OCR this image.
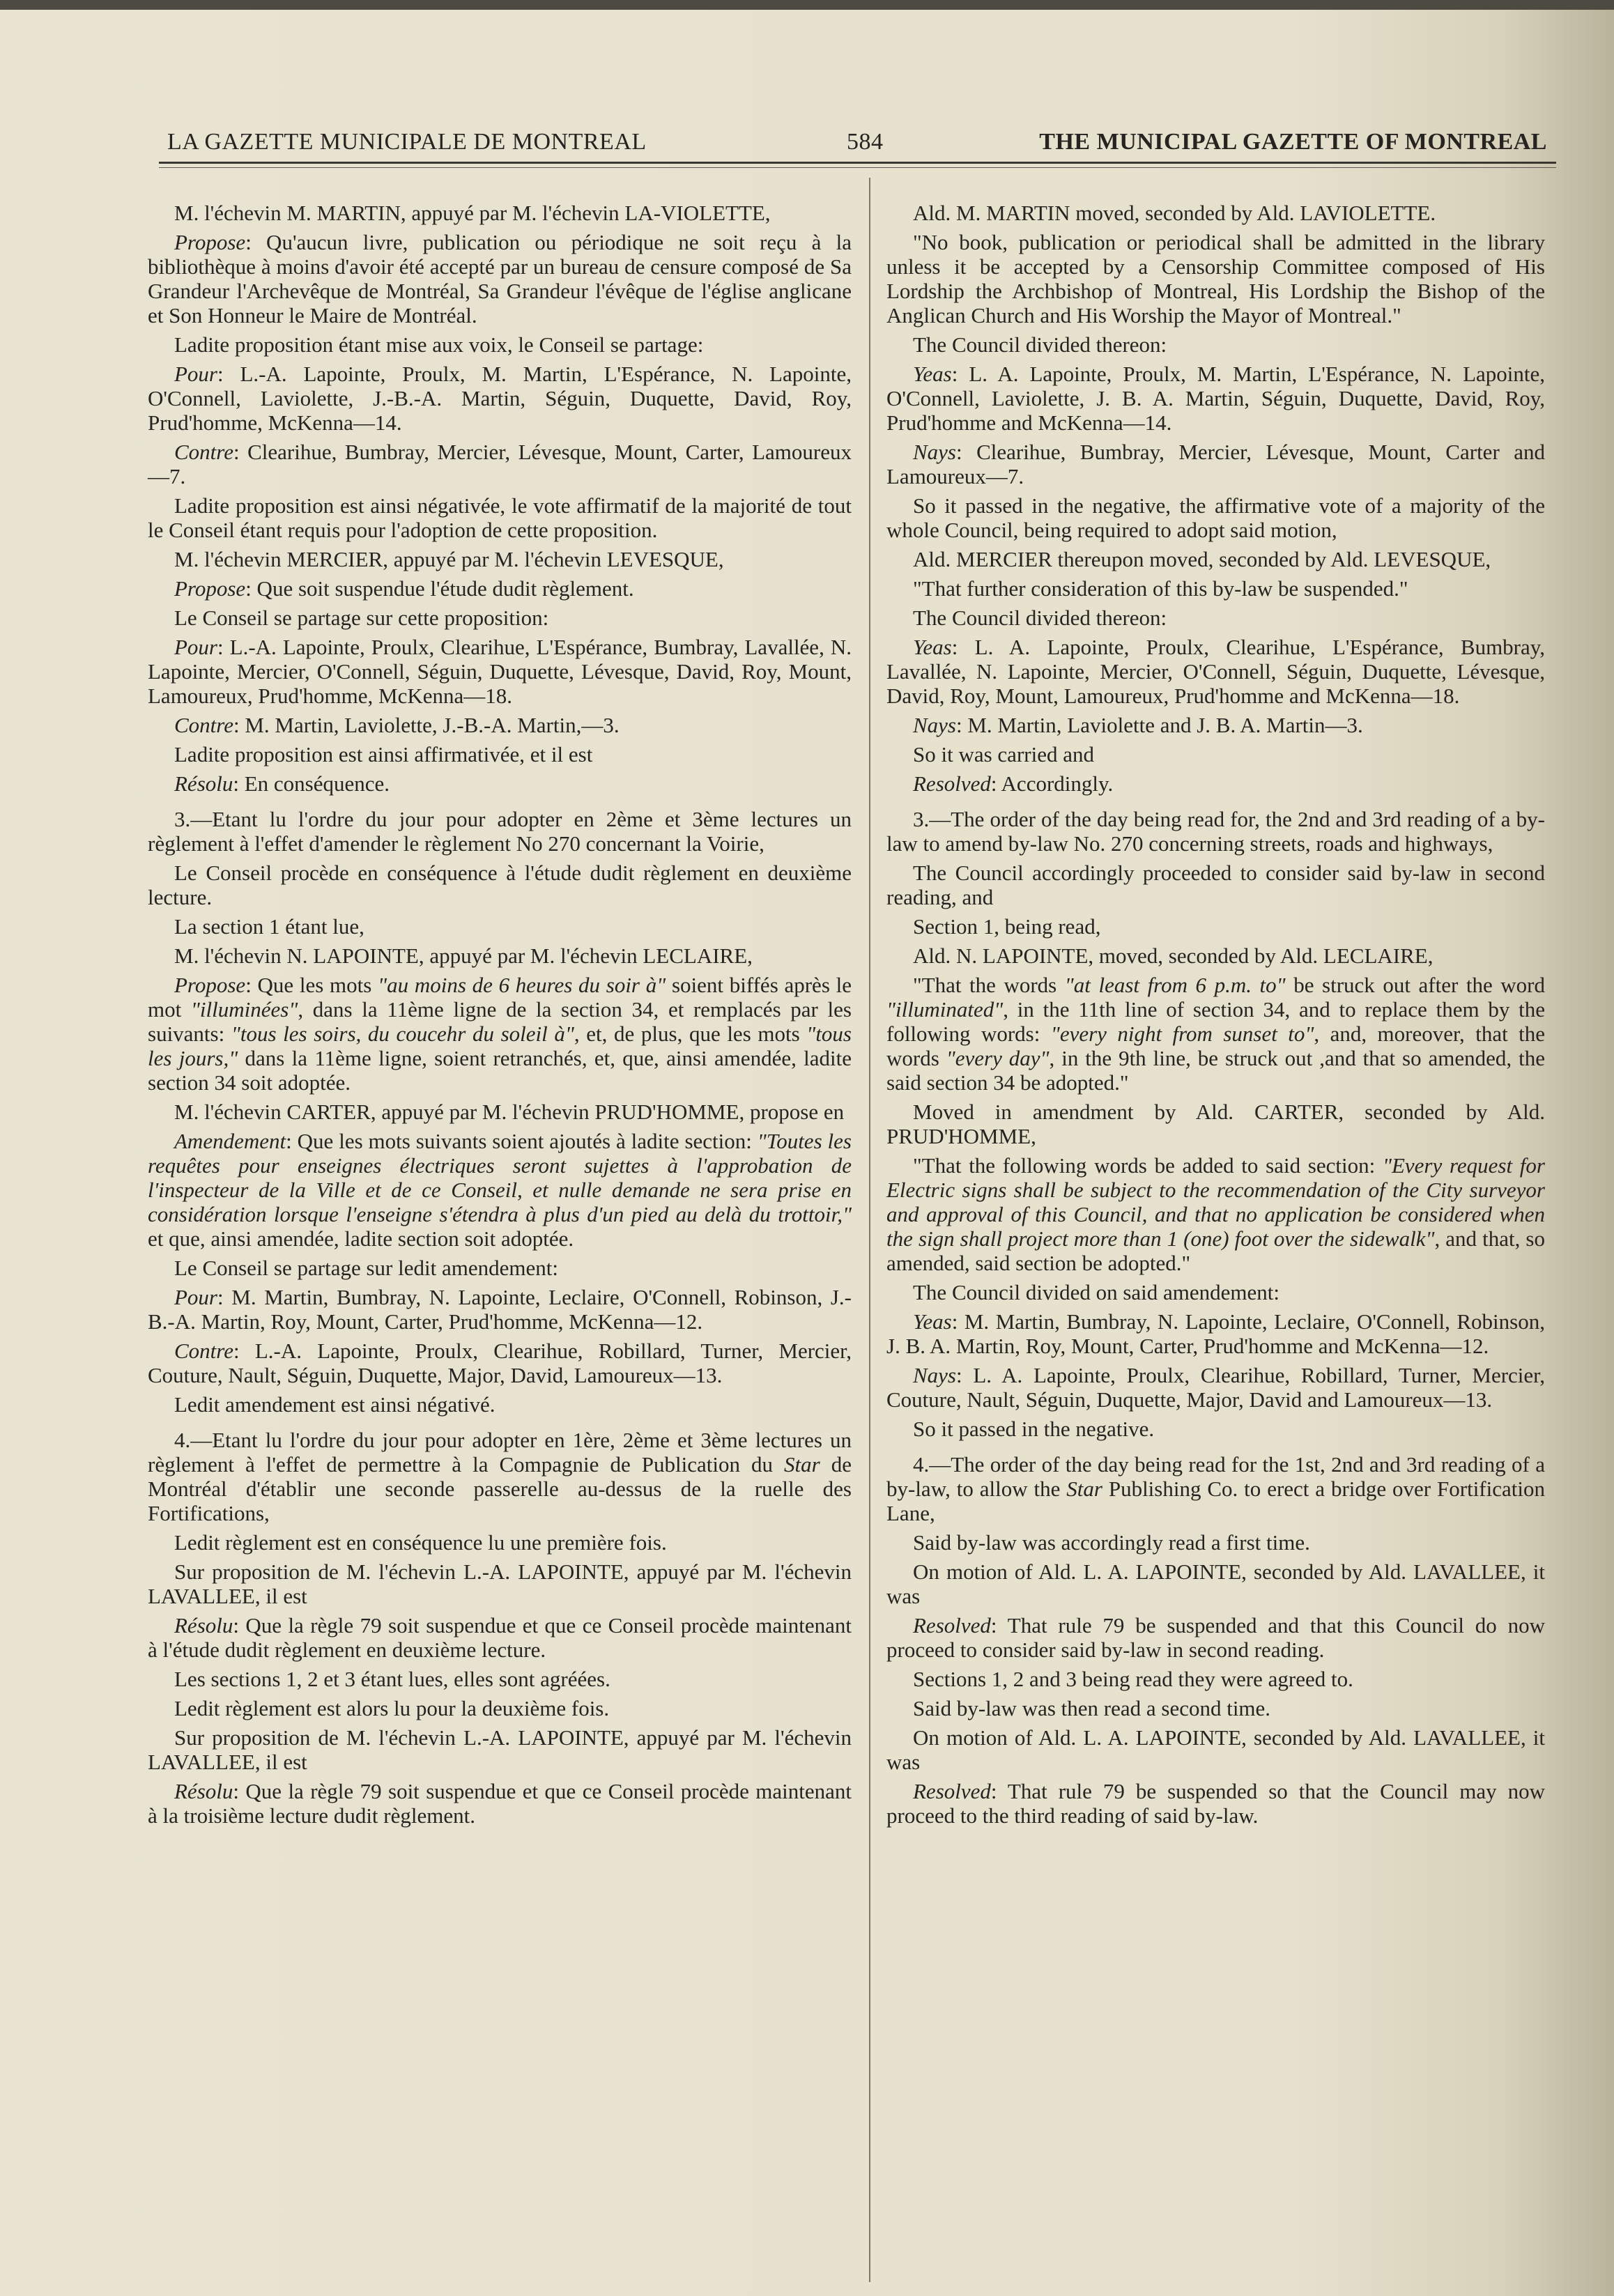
LA GAZETTE MUNICIPALE DE MONTREAL	584	THE MUNICIPAL GAZETTE OF MONTREAL

M. l'échevin M. MARTIN, appuyé par M. l'échevin LA-VIOLETTE,

Propose: Qu'aucun livre, publication ou périodique ne soit reçu à la bibliothèque à moins d'avoir été accepté par un bureau de censure composé de Sa Grandeur l'Archevêque de Montréal, Sa Grandeur l'évêque de l'église anglicane et Son Honneur le Maire de Montréal.

Ladite proposition étant mise aux voix, le Conseil se partage:

Pour: L.-A. Lapointe, Proulx, M. Martin, L'Espérance, N. Lapointe, O'Connell, Laviolette, J.-B.-A. Martin, Séguin, Duquette, David, Roy, Prud'homme, McKenna—14.

Contre: Clearihue, Bumbray, Mercier, Lévesque, Mount, Carter, Lamoureux—7.

Ladite proposition est ainsi négativée, le vote affirmatif de la majorité de tout le Conseil étant requis pour l'adoption de cette proposition.

M. l'échevin MERCIER, appuyé par M. l'échevin LEVESQUE,

Propose: Que soit suspendue l'étude dudit règlement.

Le Conseil se partage sur cette proposition:

Pour: L.-A. Lapointe, Proulx, Clearihue, L'Espérance, Bumbray, Lavallée, N. Lapointe, Mercier, O'Connell, Séguin, Duquette, Lévesque, David, Roy, Mount, Lamoureux, Prud'homme, McKenna—18.

Contre: M. Martin, Laviolette, J.-B.-A. Martin,—3.

Ladite proposition est ainsi affirmativée, et il est

Résolu: En conséquence.

3.—Etant lu l'ordre du jour pour adopter en 2ème et 3ème lectures un règlement à l'effet d'amender le règlement No 270 concernant la Voirie,

Le Conseil procède en conséquence à l'étude dudit règlement en deuxième lecture.

La section 1 étant lue,

M. l'échevin N. LAPOINTE, appuyé par M. l'échevin LECLAIRE,

Propose: Que les mots "au moins de 6 heures du soir à" soient biffés après le mot "illuminées", dans la 11ème ligne de la section 34, et remplacés par les suivants: "tous les soirs, du coucehr du soleil à", et, de plus, que les mots "tous les jours," dans la 11ème ligne, soient retranchés, et, que, ainsi amendée, ladite section 34 soit adoptée.

M. l'échevin CARTER, appuyé par M. l'échevin PRUD'HOMME, propose en

Amendement: Que les mots suivants soient ajoutés à ladite section: "Toutes les requêtes pour enseignes électriques seront sujettes à l'approbation de l'inspecteur de la Ville et de ce Conseil, et nulle demande ne sera prise en considération lorsque l'enseigne s'étendra à plus d'un pied au delà du trottoir," et que, ainsi amendée, ladite section soit adoptée.

Le Conseil se partage sur ledit amendement:

Pour: M. Martin, Bumbray, N. Lapointe, Leclaire, O'Connell, Robinson, J.-B.-A. Martin, Roy, Mount, Carter, Prud'homme, McKenna—12.

Contre: L.-A. Lapointe, Proulx, Clearihue, Robillard, Turner, Mercier, Couture, Nault, Séguin, Duquette, Major, David, Lamoureux—13.

Ledit amendement est ainsi négativé.

4.—Etant lu l'ordre du jour pour adopter en 1ère, 2ème et 3ème lectures un règlement à l'effet de permettre à la Compagnie de Publication du Star de Montréal d'établir une seconde passerelle au-dessus de la ruelle des Fortifications,

Ledit règlement est en conséquence lu une première fois.

Sur proposition de M. l'échevin L.-A. LAPOINTE, appuyé par M. l'échevin LAVALLEE, il est

Résolu: Que la règle 79 soit suspendue et que ce Conseil procède maintenant à l'étude dudit règlement en deuxième lecture.

Les sections 1, 2 et 3 étant lues, elles sont agréées.

Ledit règlement est alors lu pour la deuxième fois.

Sur proposition de M. l'échevin L.-A. LAPOINTE, appuyé par M. l'échevin LAVALLEE, il est

Résolu: Que la règle 79 soit suspendue et que ce Conseil procède maintenant à la troisième lecture dudit règlement.

Ald. M. MARTIN moved, seconded by Ald. LAVIOLETTE.

"No book, publication or periodical shall be admitted in the library unless it be accepted by a Censorship Committee composed of His Lordship the Archbishop of Montreal, His Lordship the Bishop of the Anglican Church and His Worship the Mayor of Montreal."

The Council divided thereon:

Yeas: L. A. Lapointe, Proulx, M. Martin, L'Espérance, N. Lapointe, O'Connell, Laviolette, J. B. A. Martin, Séguin, Duquette, David, Roy, Prud'homme and McKenna—14.

Nays: Clearihue, Bumbray, Mercier, Lévesque, Mount, Carter and Lamoureux—7.

So it passed in the negative, the affirmative vote of a majority of the whole Council, being required to adopt said motion,

Ald. MERCIER thereupon moved, seconded by Ald. LEVESQUE,

"That further consideration of this by-law be suspended."

The Council divided thereon:

Yeas: L. A. Lapointe, Proulx, Clearihue, L'Espérance, Bumbray, Lavallée, N. Lapointe, Mercier, O'Connell, Séguin, Duquette, Lévesque, David, Roy, Mount, Lamoureux, Prud'homme and McKenna—18.

Nays: M. Martin, Laviolette and J. B. A. Martin—3.

So it was carried and

Resolved: Accordingly.

3.—The order of the day being read for, the 2nd and 3rd reading of a by-law to amend by-law No. 270 concerning streets, roads and highways,

The Council accordingly proceeded to consider said by-law in second reading, and

Section 1, being read,

Ald. N. LAPOINTE, moved, seconded by Ald. LECLAIRE,

"That the words "at least from 6 p.m. to" be struck out after the word "illuminated", in the 11th line of section 34, and to replace them by the following words: "every night from sunset to", and, moreover, that the words "every day", in the 9th line, be struck out ,and that so amended, the said section 34 be adopted."

Moved in amendment by Ald. CARTER, seconded by Ald. PRUD'HOMME,

"That the following words be added to said section: "Every request for Electric signs shall be subject to the recommendation of the City surveyor and approval of this Council, and that no application be considered when the sign shall project more than 1 (one) foot over the sidewalk", and that, so amended, said section be adopted."

The Council divided on said amendement:

Yeas: M. Martin, Bumbray, N. Lapointe, Leclaire, O'Connell, Robinson, J. B. A. Martin, Roy, Mount, Carter, Prud'homme and McKenna—12.

Nays: L. A. Lapointe, Proulx, Clearihue, Robillard, Turner, Mercier, Couture, Nault, Séguin, Duquette, Major, David and Lamoureux—13.

So it passed in the negative.

4.—The order of the day being read for the 1st, 2nd and 3rd reading of a by-law, to allow the Star Publishing Co. to erect a bridge over Fortification Lane,

Said by-law was accordingly read a first time.

On motion of Ald. L. A. LAPOINTE, seconded by Ald. LAVALLEE, it was

Resolved: That rule 79 be suspended and that this Council do now proceed to consider said by-law in second reading.

Sections 1, 2 and 3 being read they were agreed to.

Said by-law was then read a second time.

On motion of Ald. L. A. LAPOINTE, seconded by Ald. LAVALLEE, it was

Resolved: That rule 79 be suspended so that the Council may now proceed to the third reading of said by-law.
